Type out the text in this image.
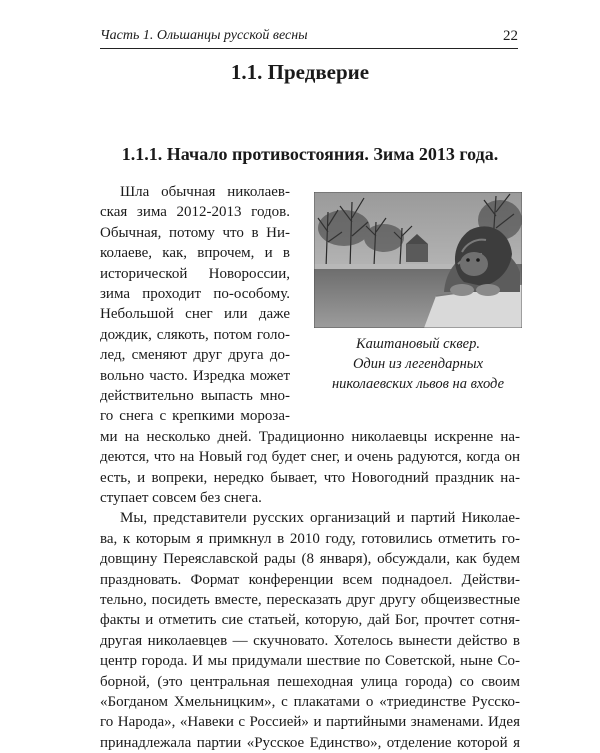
Часть 1. Ольшанцы русской весны	22
1.1. Предверие
1.1.1. Начало противостояния. Зима 2013 года.
Каштановый сквер.
Один из легендарных
николаевских львов на входе
Шла обычная николаев-
ская зима 2012-2013 годов.
Обычная, потому что в Ни-
колаеве, как, впрочем, и в
исторической Новороссии,
зима проходит по-особому.
Небольшой снег или даже
дождик, слякоть, потом голо-
лед, сменяют друг друга до-
вольно часто. Изредка может
действительно выпасть мно-
го снега с крепкими мороза-
ми на несколько дней. Традиционно николаевцы искренне на-
деются, что на Новый год будет снег, и очень радуются, когда он
есть, и вопреки, нередко бывает, что Новогодний праздник на-
ступает совсем без снега.
Мы, представители русских организаций и партий Николае-
ва, к которым я примкнул в 2010 году, готовились отметить го-
довщину Переяславской рады (8 января), обсуждали, как будем
праздновать. Формат конференции всем поднадоел. Действи-
тельно, посидеть вместе, пересказать друг другу общеизвестные
факты и отметить сие статьей, которую, дай Бог, прочтет сотня-
другая николаевцев — скучновато. Хотелось вынести действо в
центр города. И мы придумали шествие по Советской, ныне Со-
борной, (это центральная пешеходная улица города) со своим
«Богданом Хмельницким», с плакатами о «триединстве Русско-
го Народа», «Навеки с Россией» и партийными знаменами. Идея
принадлежала партии «Русское Единство», отделение которой я
